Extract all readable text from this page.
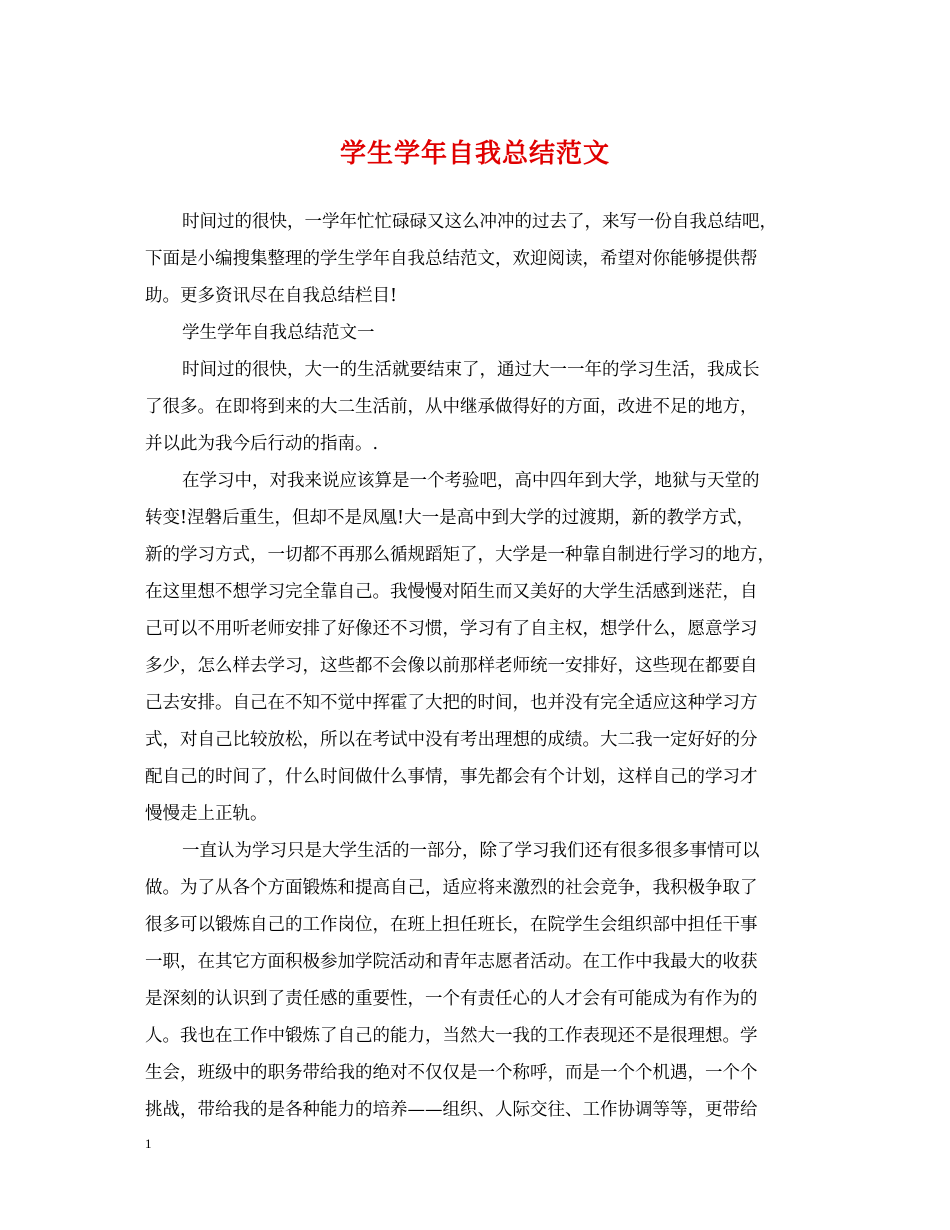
学生学年自我总结范文
时间过的很快，一学年忙忙碌碌又这么冲冲的过去了，来写一份自我总结吧，
下面是小编搜集整理的学生学年自我总结范文，欢迎阅读，希望对你能够提供帮
助。更多资讯尽在自我总结栏目!
学生学年自我总结范文一
时间过的很快，大一的生活就要结束了，通过大一一年的学习生活，我成长
了很多。在即将到来的大二生活前，从中继承做得好的方面，改进不足的地方，
并以此为我今后行动的指南。.
在学习中，对我来说应该算是一个考验吧，高中四年到大学，地狱与天堂的
转变!涅磐后重生，但却不是凤凰!大一是高中到大学的过渡期，新的教学方式，
新的学习方式，一切都不再那么循规蹈矩了，大学是一种靠自制进行学习的地方，
在这里想不想学习完全靠自己。我慢慢对陌生而又美好的大学生活感到迷茫，自
己可以不用听老师安排了好像还不习惯，学习有了自主权，想学什么，愿意学习
多少，怎么样去学习，这些都不会像以前那样老师统一安排好，这些现在都要自
己去安排。自己在不知不觉中挥霍了大把的时间，也并没有完全适应这种学习方
式，对自己比较放松，所以在考试中没有考出理想的成绩。大二我一定好好的分
配自己的时间了，什么时间做什么事情，事先都会有个计划，这样自己的学习才
慢慢走上正轨。
一直认为学习只是大学生活的一部分，除了学习我们还有很多很多事情可以
做。为了从各个方面锻炼和提高自己，适应将来激烈的社会竞争，我积极争取了
很多可以锻炼自己的工作岗位，在班上担任班长，在院学生会组织部中担任干事
一职，在其它方面积极参加学院活动和青年志愿者活动。在工作中我最大的收获
是深刻的认识到了责任感的重要性，一个有责任心的人才会有可能成为有作为的
人。我也在工作中锻炼了自己的能力，当然大一我的工作表现还不是很理想。学
生会，班级中的职务带给我的绝对不仅仅是一个称呼，而是一个个机遇，一个个
挑战，带给我的是各种能力的培养——组织、人际交往、工作协调等等，更带给
1
